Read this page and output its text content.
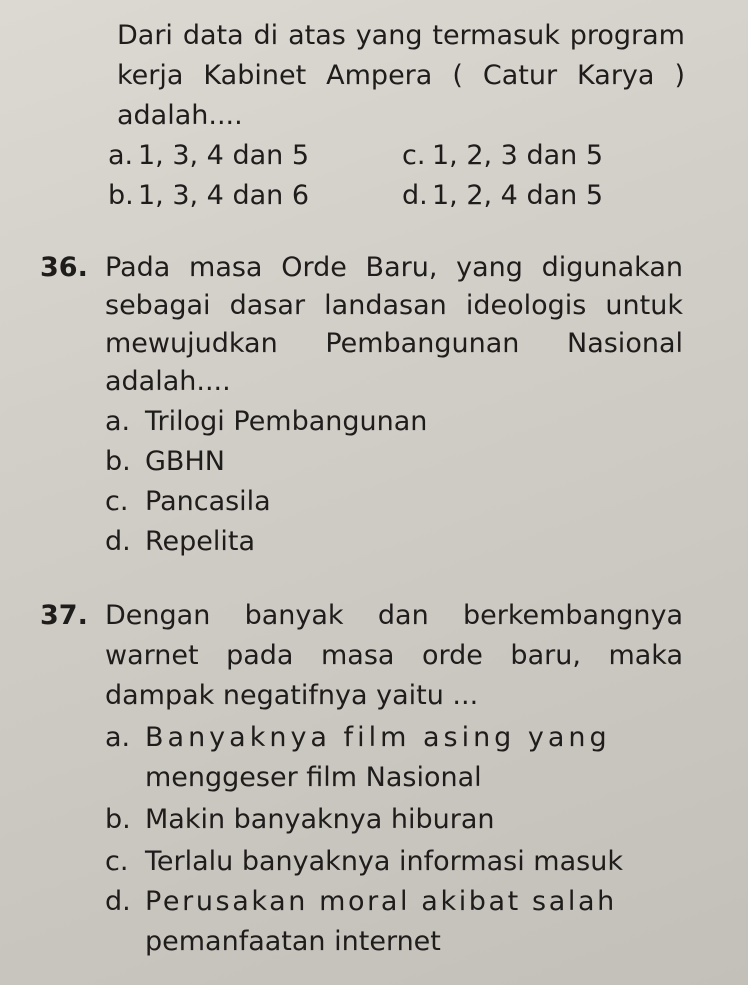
Dari data di atas yang termasuk program
kerja Kabinet Ampera ( Catur Karya )
adalah....
a. 1, 3, 4 dan 5	c. 1, 2, 3 dan 5
b. 1, 3, 4 dan 6	d. 1, 2, 4 dan 5
36. Pada masa Orde Baru, yang digunakan
sebagai dasar landasan ideologis untuk
mewujudkan Pembangunan Nasional
adalah....
a. Trilogi Pembangunan
b. GBHN
c. Pancasila
d. Repelita
37. Dengan banyak dan berkembangnya
warnet pada masa orde baru, maka
dampak negatifnya yaitu ...
a. Banyaknya film asing yang
menggeser film Nasional
b. Makin banyaknya hiburan
c. Terlalu banyaknya informasi masuk
d. Perusakan moral akibat salah
pemanfaatan internet
